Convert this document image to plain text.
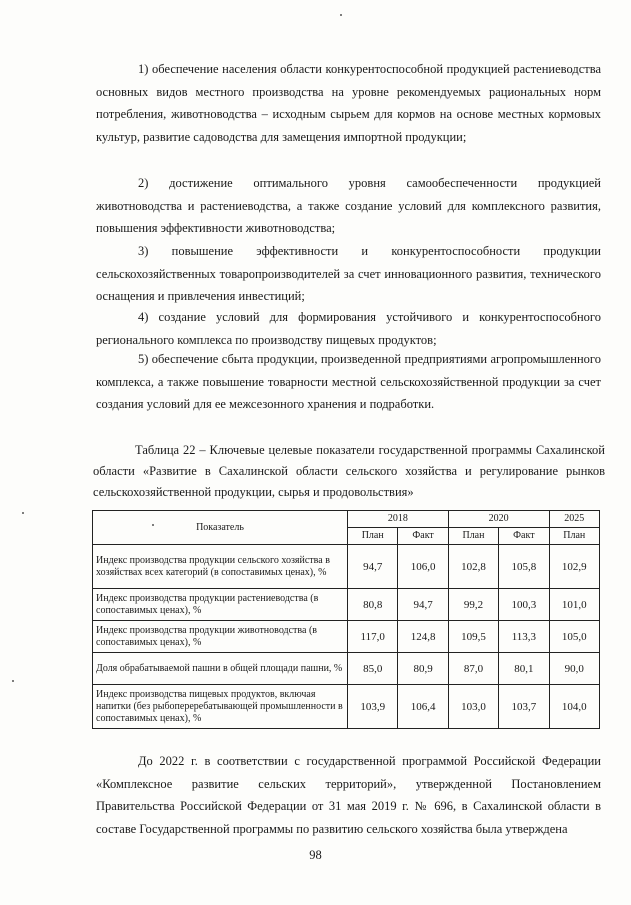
1) обеспечение населения области конкурентоспособной продукцией растениеводства основных видов местного производства на уровне рекомендуемых рациональных норм потребления, животноводства – исходным сырьем для кормов на основе местных кормовых культур, развитие садоводства для замещения импортной продукции;

2) достижение оптимального уровня самообеспеченности продукцией животноводства и растениеводства, а также создание условий для комплексного развития, повышения эффективности животноводства;

3) повышение эффективности и конкурентоспособности продукции сельскохозяйственных товаропроизводителей за счет инновационного развития, технического оснащения и привлечения инвестиций;

4) создание условий для формирования устойчивого и конкурентоспособного регионального комплекса по производству пищевых продуктов;

5) обеспечение сбыта продукции, произведенной предприятиями агропромышленного комплекса, а также повышение товарности местной сельскохозяйственной продукции за счет создания условий для ее межсезонного хранения и подработки.

Таблица 22 – Ключевые целевые показатели государственной программы Сахалинской области «Развитие в Сахалинской области сельского хозяйства и регулирование рынков сельскохозяйственной продукции, сырья и продовольствия»

Показатель	2018		2020		2025
	План	Факт	План	Факт	План
Индекс производства продукции сельского хозяйства в хозяйствах всех категорий (в сопоставимых ценах), %	94,7	106,0	102,8	105,8	102,9
Индекс производства продукции растениеводства (в сопоставимых ценах), %	80,8	94,7	99,2	100,3	101,0
Индекс производства продукции животноводства (в сопоставимых ценах), %	117,0	124,8	109,5	113,3	105,0
Доля обрабатываемой пашни в общей площади пашни, %	85,0	80,9	87,0	80,1	90,0
Индекс производства пищевых продуктов, включая напитки (без рыбопереребатывающей промышленности в сопоставимых ценах), %	103,9	106,4	103,0	103,7	104,0

До 2022 г. в соответствии с государственной программой Российской Федерации «Комплексное развитие сельских территорий», утвержденной Постановлением Правительства Российской Федерации от 31 мая 2019 г. № 696, в Сахалинской области в составе Государственной программы по развитию сельского хозяйства была утверждена

98
